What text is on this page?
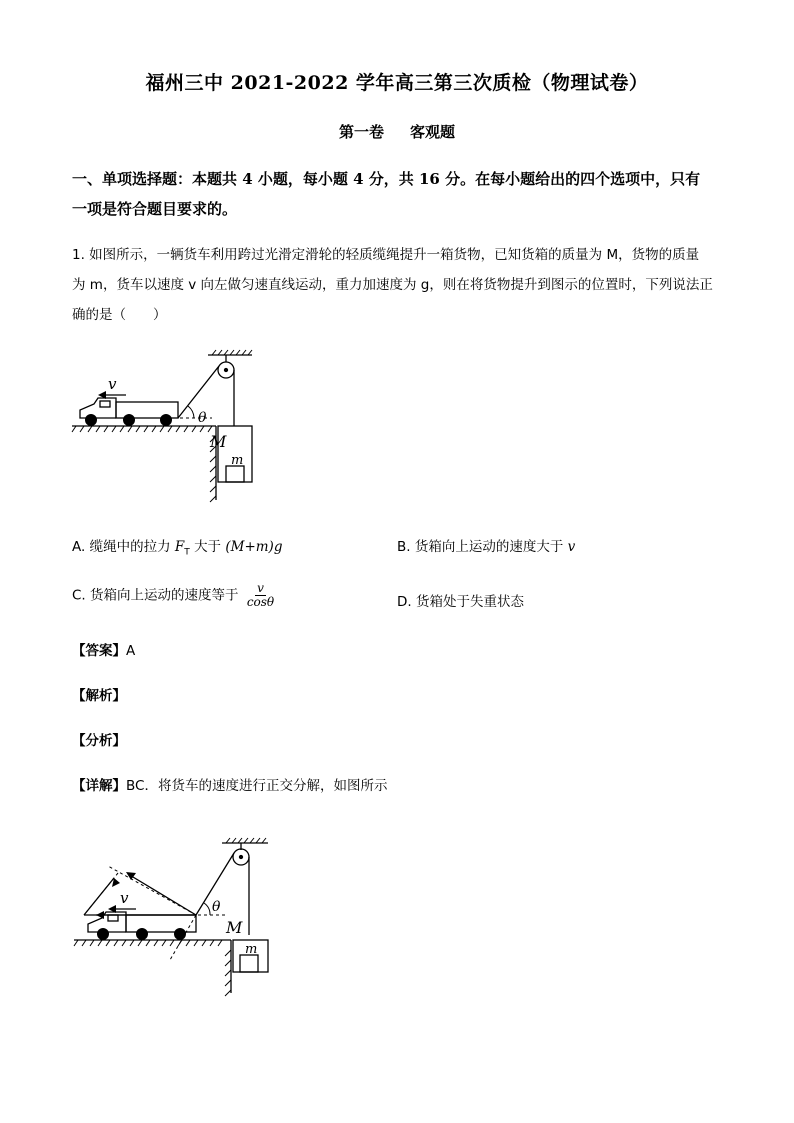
福州三中 2021-2022 学年高三第三次质检（物理试卷）
第一卷 客观题
一、单项选择题：本题共 4 小题，每小题 4 分，共 16 分。在每小题给出的四个选项中，只有
一项是符合题目要求的。
1. 如图所示，一辆货车利用跨过光滑定滑轮的轻质缆绳提升一箱货物，已知货箱的质量为 M，货物的质量
为 m，货车以速度 v 向左做匀速直线运动，重力加速度为 g，则在将货物提升到图示的位置时，下列说法正
确的是（　　）
v
θ
M
m
A. 缆绳中的拉力 $F_T$ 大于 (M+m)g	B. 货箱向上运动的速度大于 v
C. 货箱向上运动的速度等于 $\frac{v}{\cos\theta}$	D. 货箱处于失重状态
【答案】A
【解析】
【分析】
【详解】BC．将货车的速度进行正交分解，如图所示
v	θ
M
m
